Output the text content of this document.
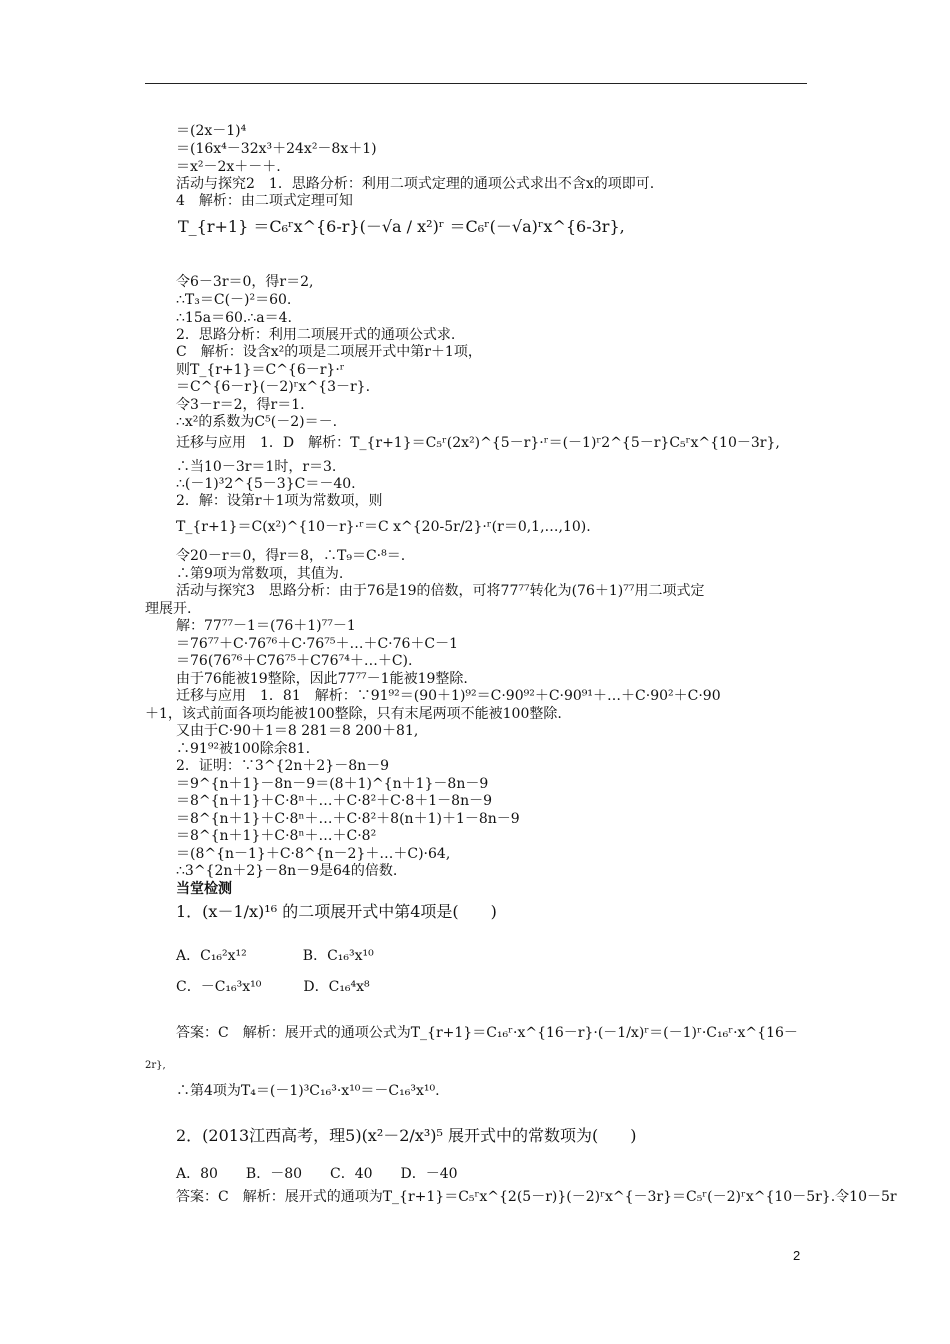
＝(2x－1)⁴
＝(16x⁴－32x³＋24x²－8x＋1)
＝x²－2x＋－＋.
活动与探究2　1．思路分析：利用二项式定理的通项公式求出不含x的项即可.
4　解析：由二项式定理可知
T_{r+1} ＝C₆ʳx^{6-r}(－√a / x²)ʳ ＝C₆ʳ(－√a)ʳx^{6-3r},
令6－3r＝0，得r＝2,
∴T₃＝C(－)²＝60.
∴15a＝60.∴a＝4.
2．思路分析：利用二项展开式的通项公式求.
C　解析：设含x²的项是二项展开式中第r＋1项，
则T_{r+1}＝C^{6－r}·ʳ
＝C^{6－r}(－2)ʳx^{3－r}.
令3－r＝2，得r＝1.
∴x²的系数为C⁵(－2)＝－.
迁移与应用　1．D　解析：T_{r+1}＝C₅ʳ(2x²)^{5－r}·ʳ＝(－1)ʳ2^{5－r}C₅ʳx^{10－3r},
∴当10－3r＝1时，r＝3.
∴(－1)³2^{5－3}C＝－40.
2．解：设第r＋1项为常数项，则
T_{r+1}＝C(x²)^{10－r}·ʳ＝C x^{20-5r/2}·ʳ(r＝0,1,…,10).
令20－r＝0，得r＝8，∴T₉＝C·⁸＝.
∴第9项为常数项，其值为.
活动与探究3　思路分析：由于76是19的倍数，可将77⁷⁷转化为(76＋1)⁷⁷用二项式定
理展开.
解：77⁷⁷－1＝(76＋1)⁷⁷－1
＝76⁷⁷＋C·76⁷⁶＋C·76⁷⁵＋…＋C·76＋C－1
＝76(76⁷⁶＋C76⁷⁵＋C76⁷⁴＋…＋C).
由于76能被19整除，因此77⁷⁷－1能被19整除.
迁移与应用　1．81　解析：∵91⁹²＝(90＋1)⁹²＝C·90⁹²＋C·90⁹¹＋…＋C·90²＋C·90
＋1，该式前面各项均能被100整除，只有末尾两项不能被100整除.
又由于C·90＋1＝8 281＝8 200＋81,
∴91⁹²被100除余81.
2．证明：∵3^{2n＋2}－8n－9
＝9^{n＋1}－8n－9＝(8＋1)^{n＋1}－8n－9
＝8^{n＋1}＋C·8ⁿ＋…＋C·8²＋C·8＋1－8n－9
＝8^{n＋1}＋C·8ⁿ＋…＋C·8²＋8(n＋1)＋1－8n－9
＝8^{n＋1}＋C·8ⁿ＋…＋C·8²
＝(8^{n－1}＋C·8^{n－2}＋…＋C)·64,
∴3^{2n＋2}－8n－9是64的倍数.
当堂检测
1．(x－1/x)¹⁶ 的二项展开式中第4项是(　　)
A．C₁₆²x¹²　　　　B．C₁₆³x¹⁰
C．－C₁₆³x¹⁰　　　D．C₁₆⁴x⁸
答案：C　解析：展开式的通项公式为T_{r+1}＝C₁₆ʳ·x^{16－r}·(－1/x)ʳ＝(－1)ʳ·C₁₆ʳ·x^{16－
2r},
∴第4项为T₄＝(－1)³C₁₆³·x¹⁰＝－C₁₆³x¹⁰.
2．(2013江西高考，理5)(x²－2/x³)⁵ 展开式中的常数项为(　　)
A．80　　B．－80　　C．40　　D．－40
答案：C　解析：展开式的通项为T_{r+1}＝C₅ʳx^{2(5－r)}(－2)ʳx^{－3r}＝C₅ʳ(－2)ʳx^{10－5r}.令10－5r
2
